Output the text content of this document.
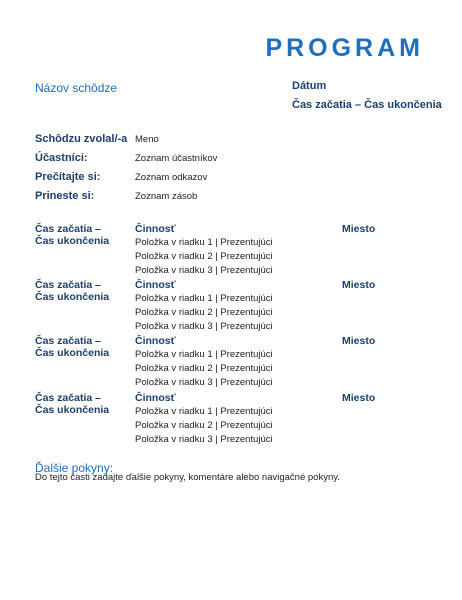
PROGRAM
Názov schôdze	Dátum
Čas začatia – Čas ukončenia
Schôdzu zvolal/-a Meno
Účastníci:	Zoznam účastníkov
Prečítajte si:	Zoznam odkazov
Prineste si:	Zoznam zásob
Čas začatia –
Čas ukončenia
Činnosť	Miesto
Položka v riadku 1 | Prezentujúci
Položka v riadku 2 | Prezentujúci
Položka v riadku 3 | Prezentujúci
Čas začatia –
Čas ukončenia
Činnosť	Miesto
Položka v riadku 1 | Prezentujúci
Položka v riadku 2 | Prezentujúci
Položka v riadku 3 | Prezentujúci
Čas začatia –
Čas ukončenia
Činnosť	Miesto
Položka v riadku 1 | Prezentujúci
Položka v riadku 2 | Prezentujúci
Položka v riadku 3 | Prezentujúci
Čas začatia –
Čas ukončenia
Činnosť	Miesto
Položka v riadku 1 | Prezentujúci
Položka v riadku 2 | Prezentujúci
Položka v riadku 3 | Prezentujúci
Ďalšie pokyny:
Do tejto časti zadajte ďalšie pokyny, komentáre alebo navigačné pokyny.
